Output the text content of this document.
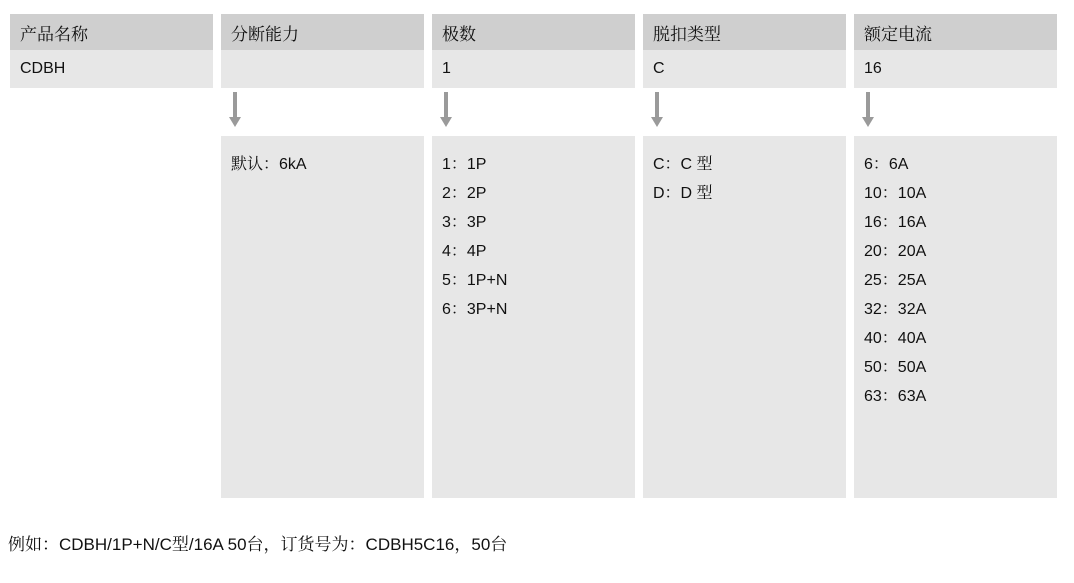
产品名称
CDBH
分断能力
默认：6kA
极数
1
1：1P
2：2P
3：3P
4：4P
5：1P+N
6：3P+N
脱扣类型
C
C：C 型
D：D 型
额定电流
16
6：6A
10：10A
16：16A
20：20A
25：25A
32：32A
40：40A
50：50A
63：63A
例如：CDBH/1P+N/C型/16A 50台，订货号为：CDBH5C16，50台
